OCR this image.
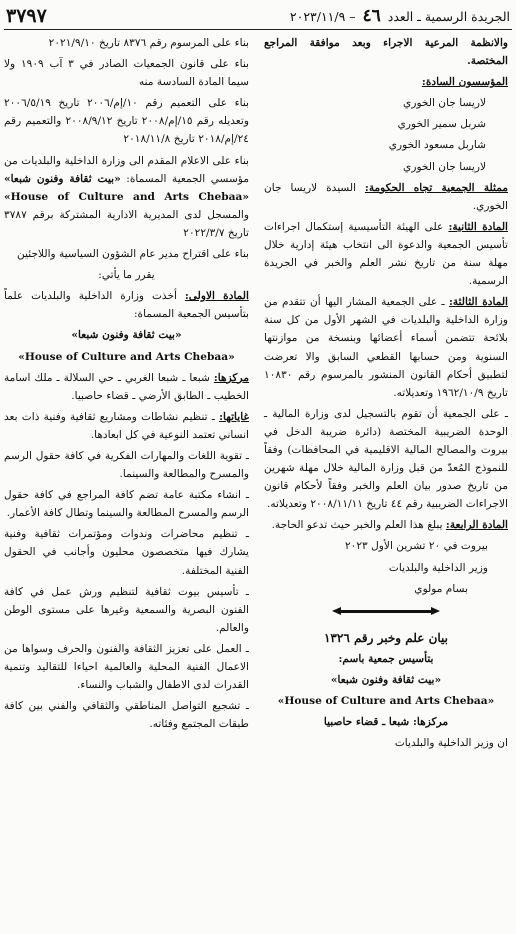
الجريدة الرسمية ـ العدد ٤٦ – ٢٠٢٣/١١/٩
٣٧٩٧

والانظمة المرعية الاجراء وبعد موافقة المراجع المختصة.

المؤسسون السادة:

لاريسا جان الخوري

شربل سمير الخوري

شاربل مسعود الخوري

لاريسا جان الخوري

ممثلة الجمعية تجاه الحكومة: السيدة لاريسا جان الخوري.

المادة الثانية: على الهيئة التأسيسية إستكمال اجراءات تأسيس الجمعية والدعوة الى انتخاب هيئة إدارية خلال مهلة سنة من تاريخ نشر العلم والخبر في الجريدة الرسمية.

المادة الثالثة: ـ على الجمعية المشار اليها أن تتقدم من وزارة الداخلية والبلديات في الشهر الأول من كل سنة بلائحة تتضمن أسماء أعضائها وبنسخة من موازنتها السنوية ومن حسابها القطعي السابق والا تعرضت لتطبيق أحكام القانون المنشور بالمرسوم رقم ١٠٨٣٠ تاريخ ١٩٦٢/١٠/٩ وتعديلاته.

ـ على الجمعية أن تقوم بالتسجيل لدى وزارة المالية ـ الوحدة الضريبية المختصة (دائرة ضريبة الدخل في بيروت والمصالح المالية الاقليمية في المحافظات) وفقاً للنموذج المُعدّ من قبل وزارة المالية خلال مهلة شهرين من تاريخ صدور بيان العلم والخبر وفقاً لأحكام قانون الاجراءات الضريبية رقم ٤٤ تاريخ ٢٠٠٨/١١/١١ وتعديلاته.

المادة الرابعة: يبلغ هذا العلم والخبر حيث تدعو الحاجة.

بيروت في ٢٠ تشرين الأول ٢٠٢٣

وزير الداخلية والبلديات

بسام مولوي

بيان علم وخبر رقم ١٣٢٦

بتأسيس جمعية باسم:

«بيت ثقافة وفنون شبعا»

«House of Culture and Arts Chebaa»

مركزها: شبعا ـ قضاء حاصبيا

ان وزير الداخلية والبلديات

بناء على المرسوم رقم ٨٣٧٦ تاريخ ٢٠٢١/٩/١٠

بناء على قانون الجمعيات الصادر في ٣ آب ١٩٠٩ ولا سيما المادة السادسة منه

بناء على التعميم رقم ١٠/إم/٢٠٠٦ تاريخ ٢٠٠٦/٥/١٩ وتعديله رقم ١٥/إم/٢٠٠٨ تاريخ ٢٠٠٨/٩/١٢ والتعميم رقم ٢٤/إم/٢٠١٨ تاريخ ٢٠١٨/١١/٨

بناء على الاعلام المقدم الى وزارة الداخلية والبلديات من مؤسسي الجمعية المسماة: «بيت ثقافة وفنون شبعا» «House of Culture and Arts Chebaa» والمسجل لدى المديرية الادارية المشتركة برقم ٣٧٨٧ تاريخ ٢٠٢٢/٣/٧

بناء على اقتراح مدير عام الشؤون السياسية واللاجئين

يقرر ما يأتي:

المادة الاولى: أخذت وزارة الداخلية والبلديات علماً بتأسيس الجمعية المسماة:

«بيت ثقافة وفنون شبعا»

«House of Culture and Arts Chebaa»

مركزها: شبعا ـ شبعا الغربي ـ حي السلالة ـ ملك اسامة الخطيب ـ الطابق الأرضي ـ قضاء حاصبيا.

غاياتها: ـ تنظيم نشاطات ومشاريع ثقافية وفنية ذات بعد انساني تعتمد النوعية في كل ابعادها.

ـ تقوية اللغات والمهارات الفكرية في كافة حقول الرسم والمسرح والمطالعة والسينما.

ـ انشاء مكتبة عامة تضم كافة المراجع في كافة حقول الرسم والمسرح المطالعة والسينما وتطال كافة الأعمار.

ـ تنظيم محاضرات وندوات ومؤتمرات ثقافية وفنية يشارك فيها متخصصون محليون وأجانب في الحقول الفنية المختلفة.

ـ تأسيس بيوت ثقافية لتنظيم ورش عمل في كافة الفنون البصرية والسمعية وغيرها على مستوى الوطن والعالم.

ـ العمل على تعزيز الثقافة والفنون والحرف وسواها من الاعمال الفنية المحلية والعالمية احياءا للتقاليد وتنمية القدرات لدى الاطفال والشباب والنساء.

ـ تشجيع التواصل المناطقي والثقافي والفني بين كافة طبقات المجتمع وفئاته.
